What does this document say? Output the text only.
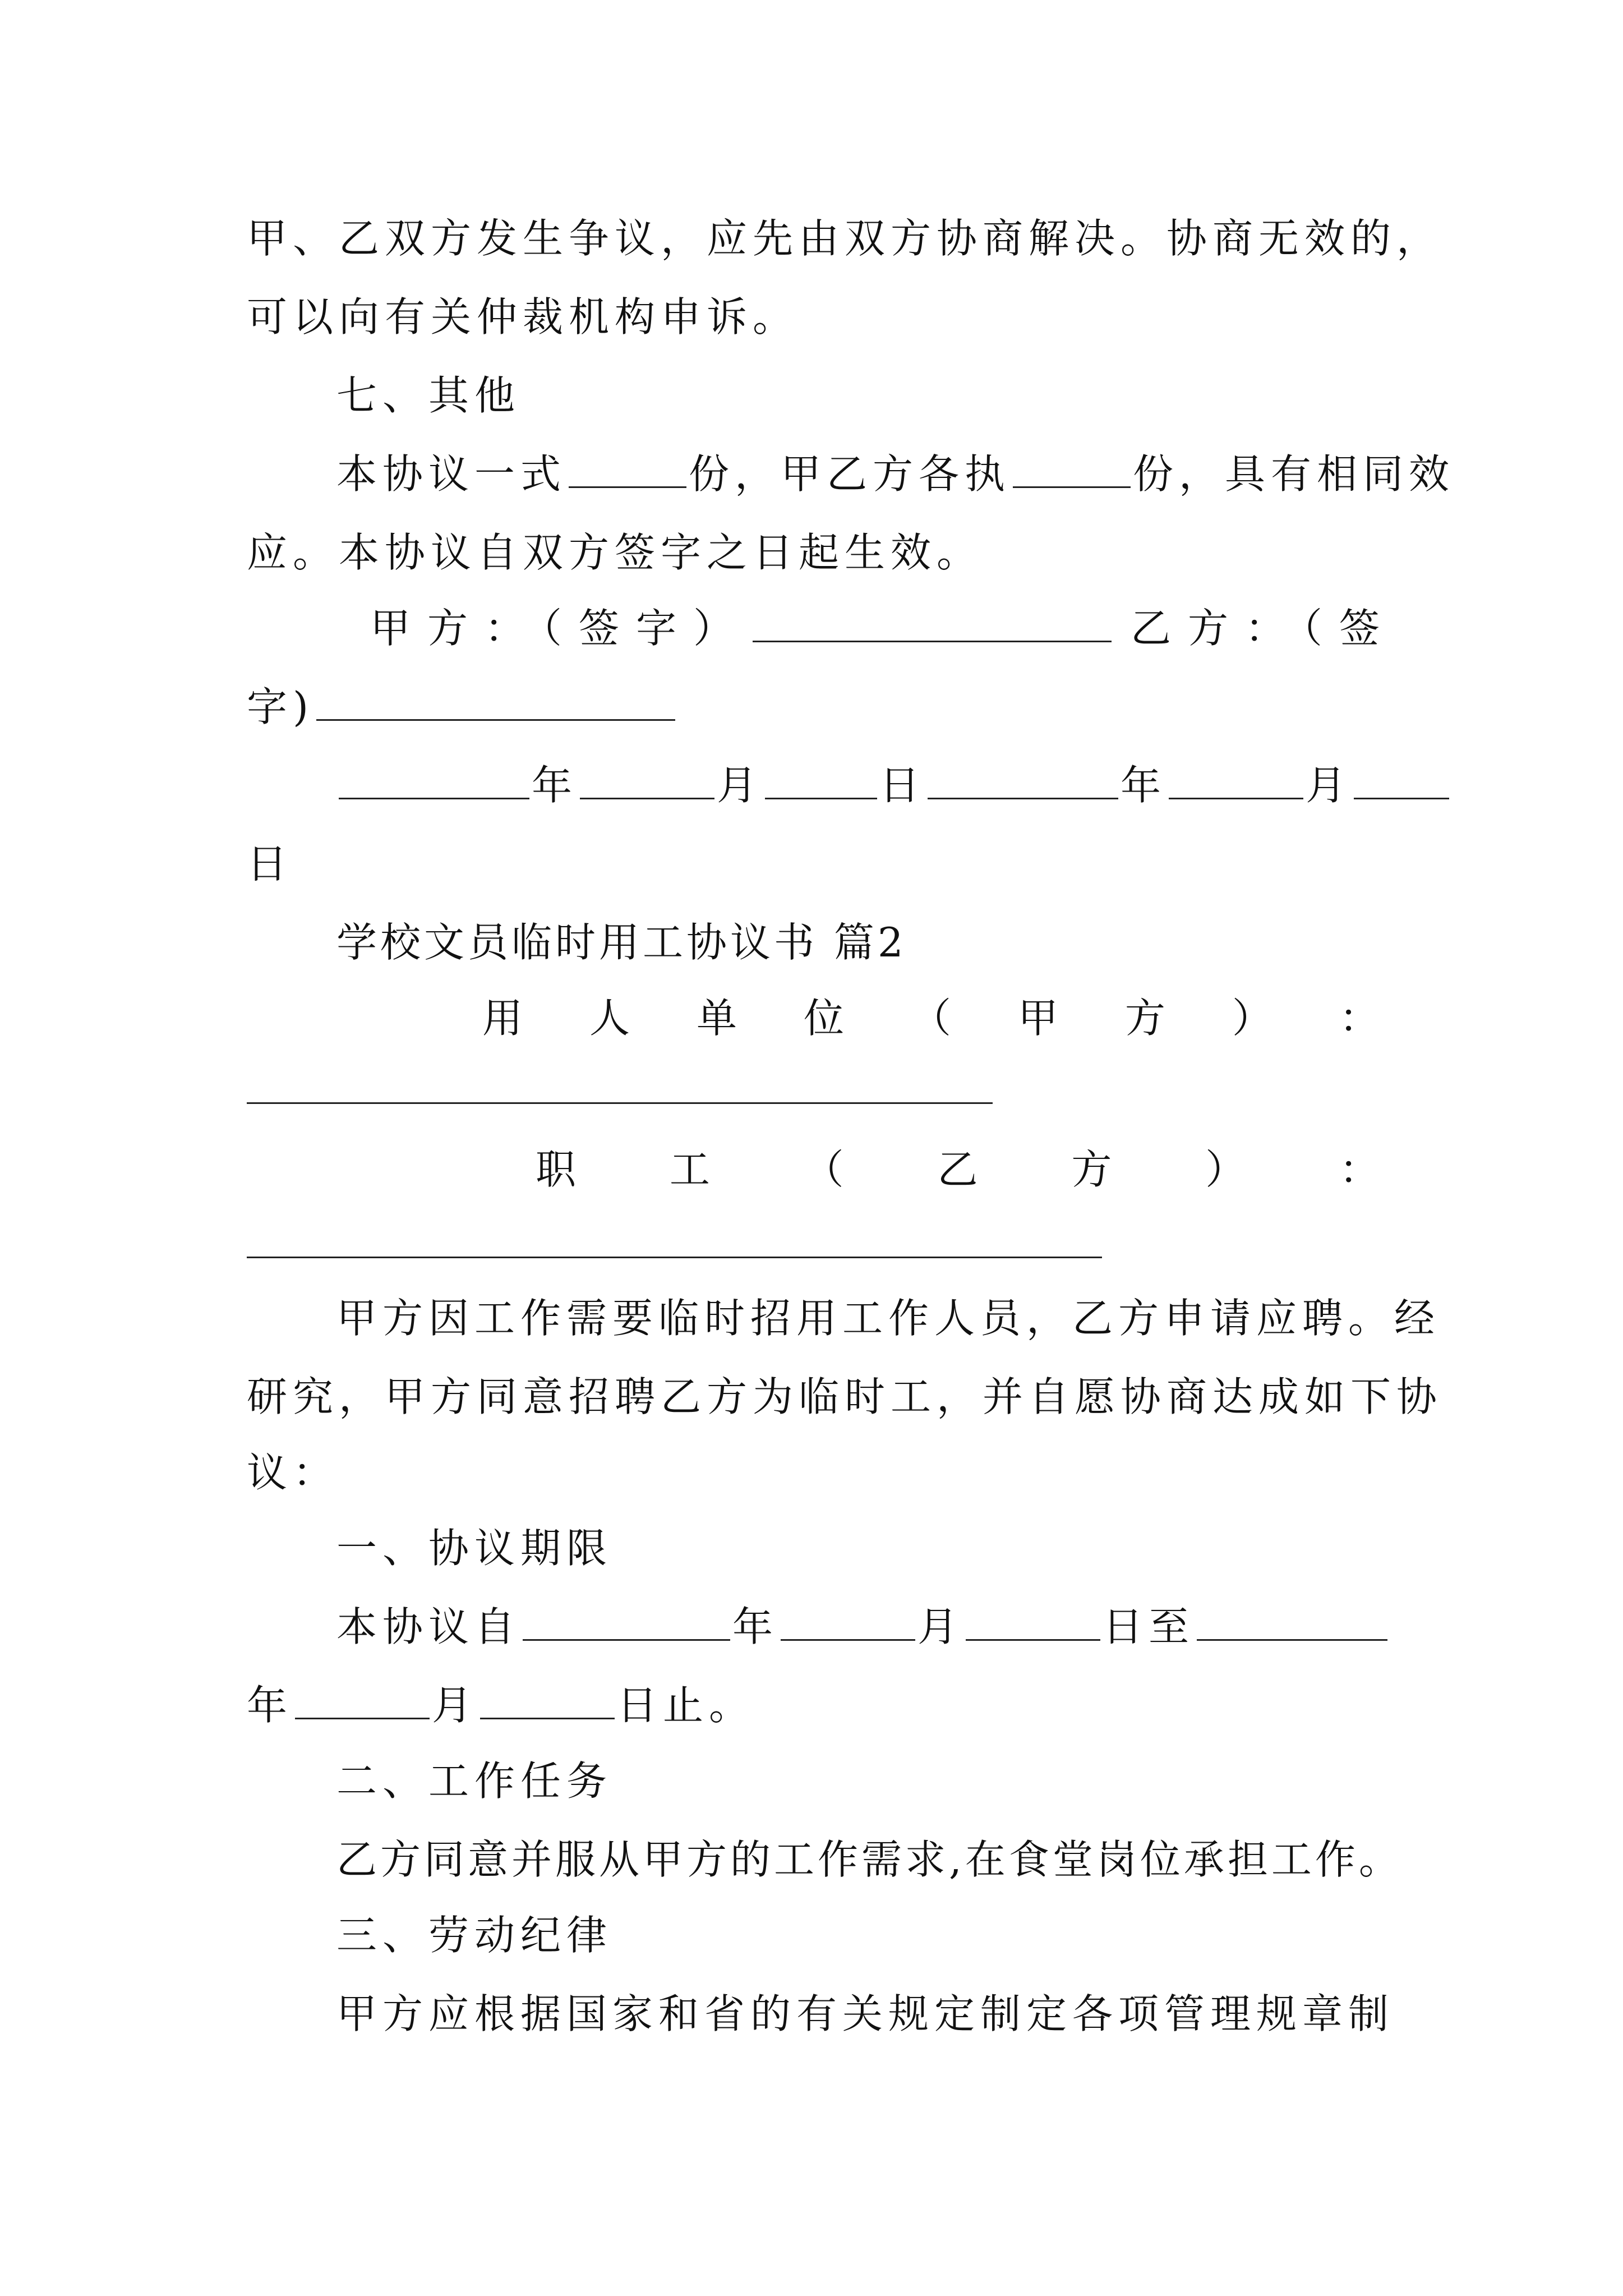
甲、乙双方发生争议，应先由双方协商解决。协商无效的，
可以向有关仲裁机构申诉。
七、其他
本协议一式	份，甲乙方各执	份，具有相同效
应。本协议自双方签字之日起生效。
甲方：（签字）	乙方：（签
字)
年	月	日	年	月
日
学校文员临时用工协议书 篇2
用 人 单 位 （ 甲 方 ） ：
职 工 （ 乙 方 ） ：
甲方因工作需要临时招用工作人员，乙方申请应聘。经
研究，甲方同意招聘乙方为临时工，并自愿协商达成如下协
议：
一、协议期限
本协议自	年	月	日至
年	月	日止。
二、工作任务
乙方同意并服从甲方的工作需求,在食堂岗位承担工作。
三、劳动纪律
甲方应根据国家和省的有关规定制定各项管理规章制
